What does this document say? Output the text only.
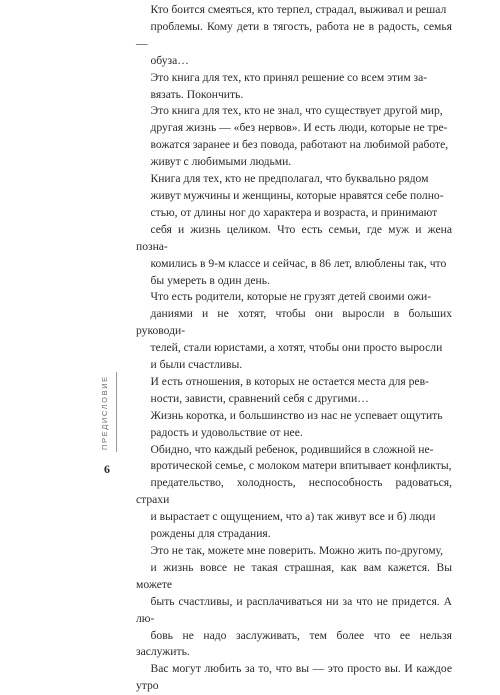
Кто боится смеяться, кто терпел, страдал, выживал и решал
проблемы. Кому дети в тягость, работа не в радость, семья —
обуза…

Это книга для тех, кто принял решение со всем этим за-
вязать. Покончить.

Это книга для тех, кто не знал, что существует другой мир,
другая жизнь — «без нервов». И есть люди, которые не тре-
вожатся заранее и без повода, работают на любимой работе,
живут с любимыми людьми.

Книга для тех, кто не предполагал, что буквально рядом
живут мужчины и женщины, которые нравятся себе полно-
стью, от длины ног до характера и возраста, и принимают
себя и жизнь целиком. Что есть семьи, где муж и жена позна-
комились в 9-м классе и сейчас, в 86 лет, влюблены так, что
бы умереть в один день.

Что есть родители, которые не грузят детей своими ожи-
даниями и не хотят, чтобы они выросли в больших руководи-
телей, стали юристами, а хотят, чтобы они просто выросли
и были счастливы.

И есть отношения, в которых не остается места для рев-
ности, зависти, сравнений себя с другими…

Жизнь коротка, и большинство из нас не успевает ощутить
радость и удовольствие от нее.

Обидно, что каждый ребенок, родившийся в сложной не-
вротической семье, с молоком матери впитывает конфликты,
предательство, холодность, неспособность радоваться, страхи
и вырастает с ощущением, что а) так живут все и б) люди
рождены для страдания.

Это не так, можете мне поверить. Можно жить по-другому,
и жизнь вовсе не такая страшная, как вам кажется. Вы можете
быть счастливы, и расплачиваться ни за что не придется. А лю-
бовь не надо заслуживать, тем более что ее нельзя заслужить.
Вас могут любить за то, что вы — это просто вы. И каждое утро

ПРЕДИСЛОВИЕ
6
